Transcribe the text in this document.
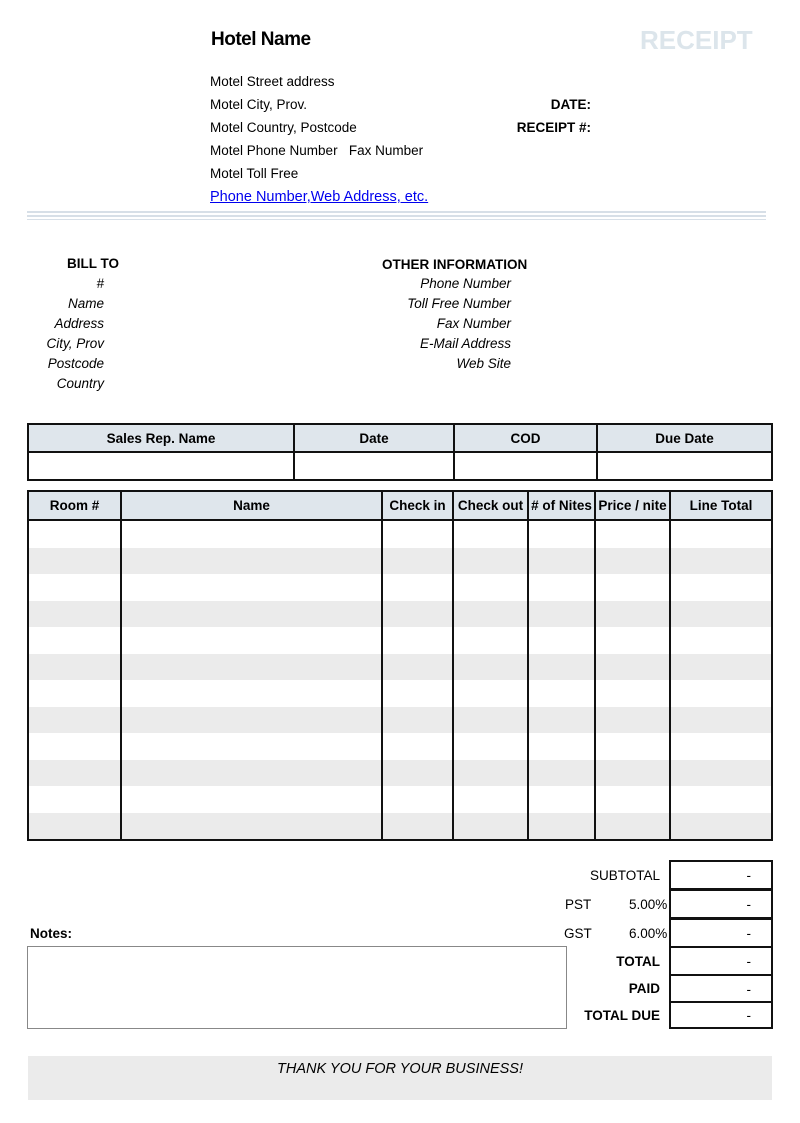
Hotel Name	RECEIPT
Motel Street address
Motel City, Prov.
Motel Country, Postcode
Motel Phone Number   Fax Number
Motel Toll Free
Phone Number,Web Address, etc.
DATE:
RECEIPT #:
BILL TO
#
Name
Address
City, Prov
Postcode
Country
OTHER INFORMATION
Phone Number
Toll Free Number
Fax Number
E-Mail Address
Web Site
Sales Rep. Name	Date	COD	Due Date

Room #	Name	Check in	Check out	# of Nites	Price / nite	Line Total

SUBTOTAL	-
PST	5.00%	-
Notes:	GST	6.00%	-
TOTAL	-
PAID	-
TOTAL DUE	-
THANK YOU FOR YOUR BUSINESS!
